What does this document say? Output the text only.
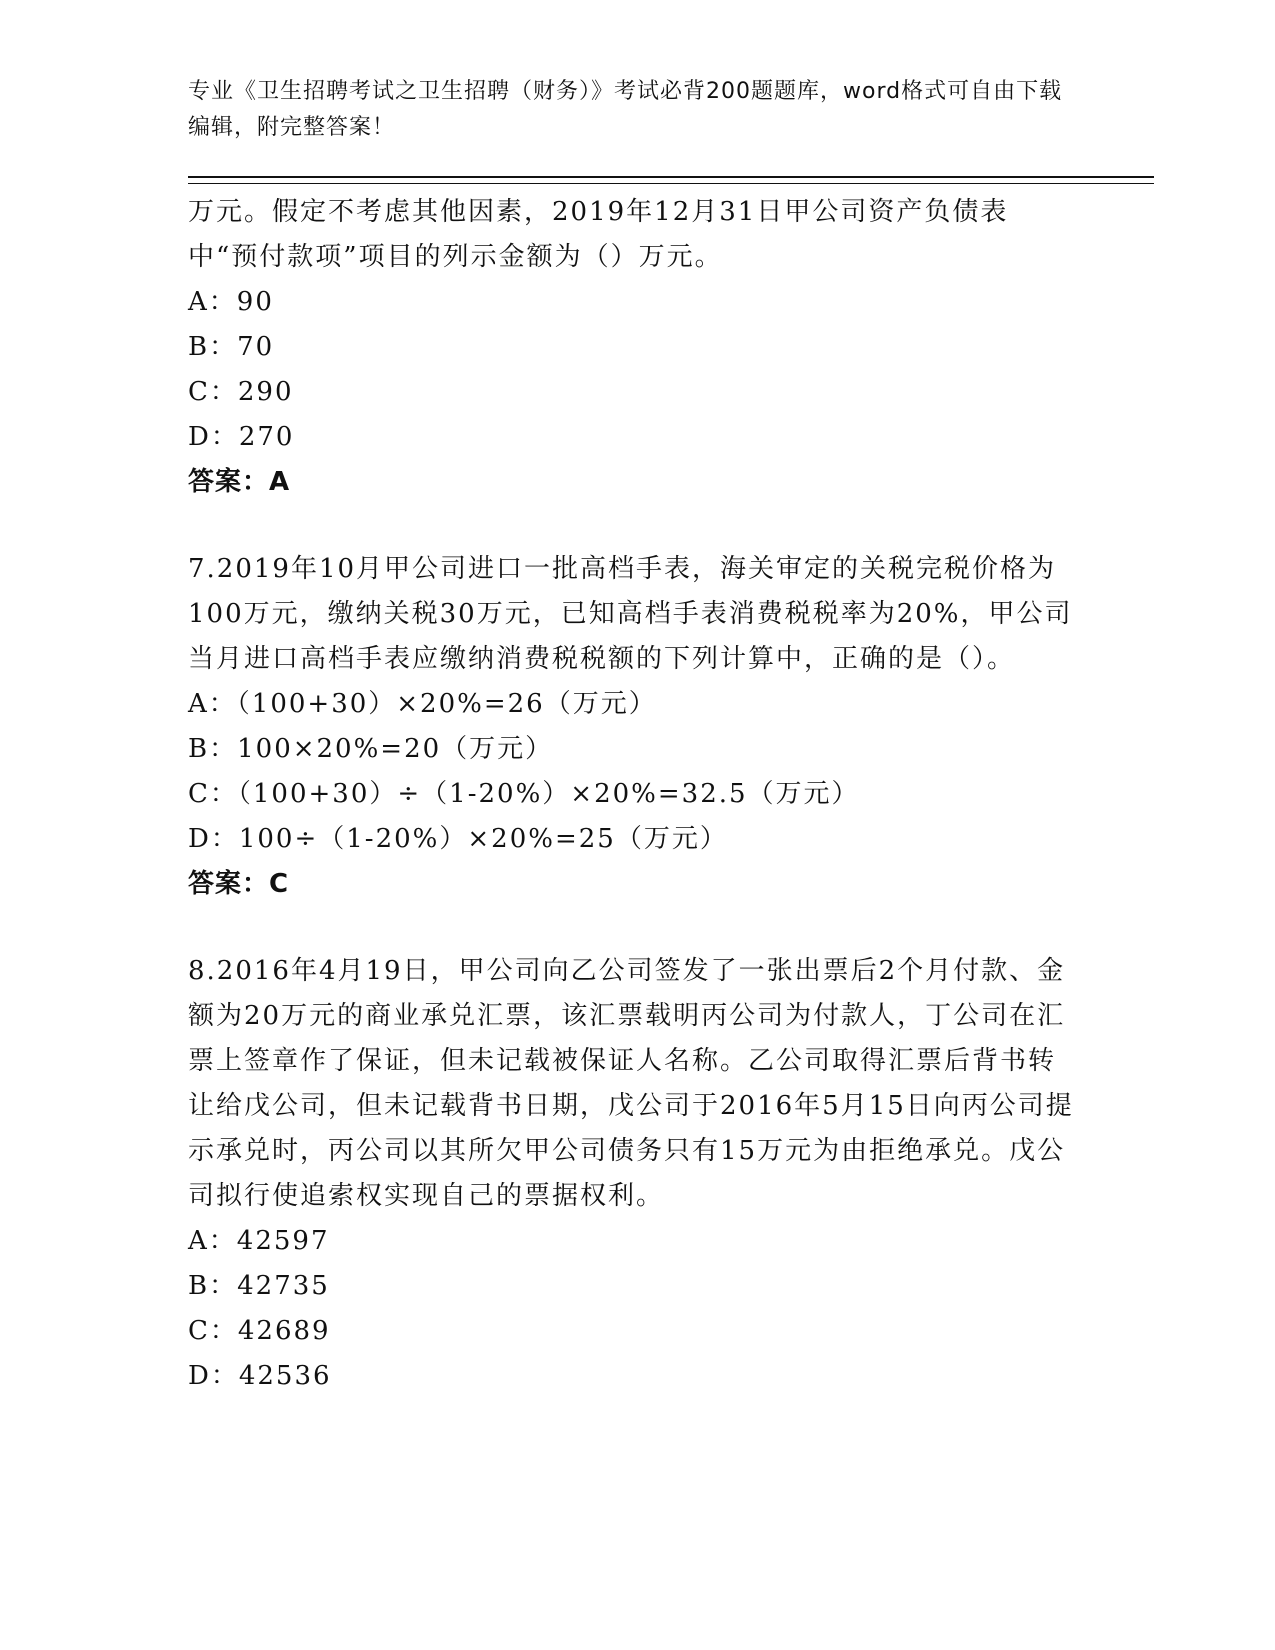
专业《卫生招聘考试之卫生招聘（财务）》考试必背200题题库，word格式可自由下载编辑，附完整答案！

万元。假定不考虑其他因素，2019年12月31日甲公司资产负债表中“预付款项”项目的列示金额为（）万元。

A：90

B：70

C：290

D：270

答案：A

7.2019年10月甲公司进口一批高档手表，海关审定的关税完税价格为100万元，缴纳关税30万元，已知高档手表消费税税率为20%，甲公司当月进口高档手表应缴纳消费税税额的下列计算中，正确的是（）。

A：（100+30）×20%=26（万元）

B：100×20%=20（万元）

C：（100+30）÷（1-20%）×20%=32.5（万元）

D：100÷（1-20%）×20%=25（万元）

答案：C

8.2016年4月19日，甲公司向乙公司签发了一张出票后2个月付款、金额为20万元的商业承兑汇票，该汇票载明丙公司为付款人，丁公司在汇票上签章作了保证，但未记载被保证人名称。乙公司取得汇票后背书转让给戊公司，但未记载背书日期，戊公司于2016年5月15日向丙公司提示承兑时，丙公司以其所欠甲公司债务只有15万元为由拒绝承兑。戊公司拟行使追索权实现自己的票据权利。

A：42597

B：42735

C：42689

D：42536
